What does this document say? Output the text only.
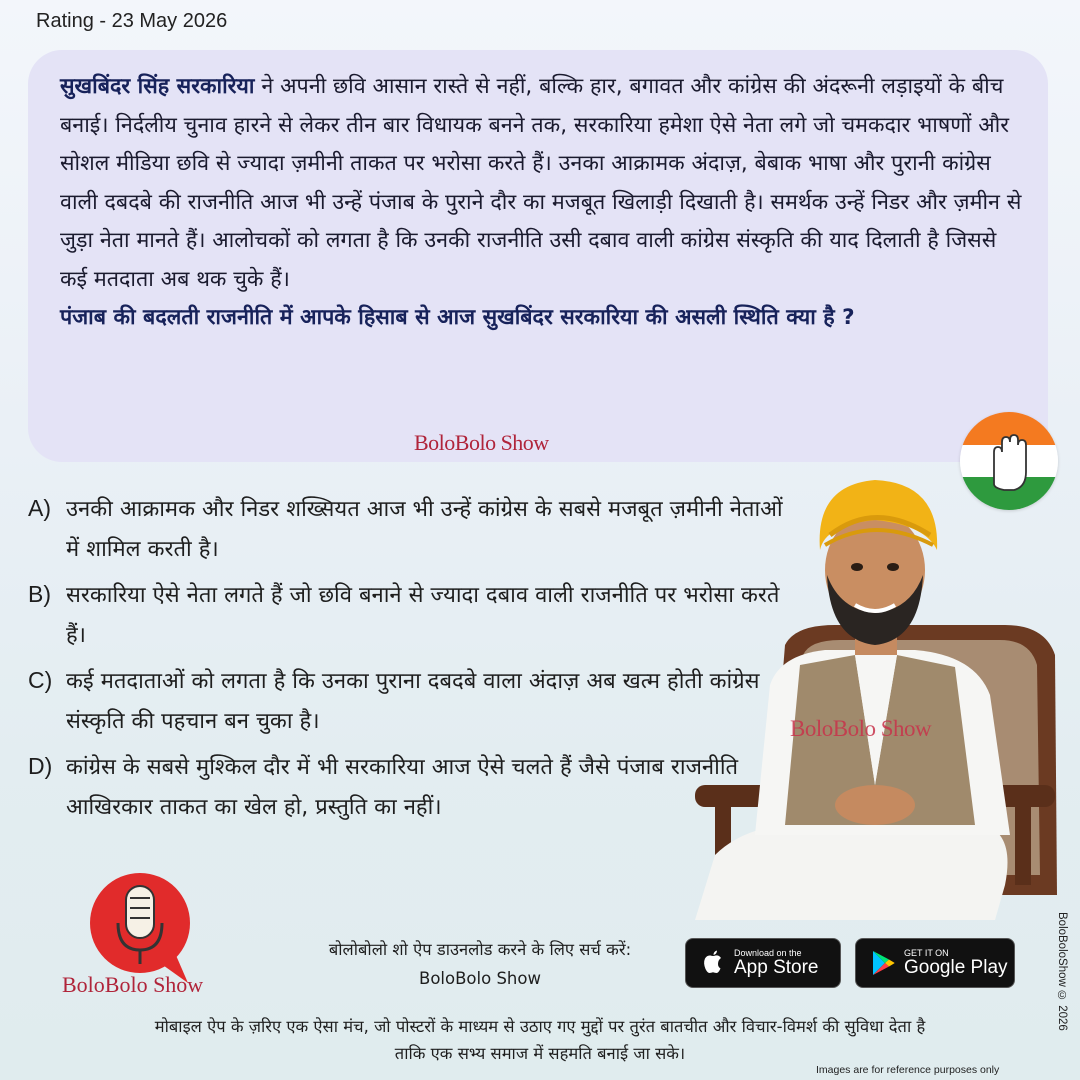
Rating - 23 May 2026
सुखबिंदर सिंह सरकारिया ने अपनी छवि आसान रास्ते से नहीं, बल्कि हार, बगावत और कांग्रेस की अंदरूनी लड़ाइयों के बीच बनाई। निर्दलीय चुनाव हारने से लेकर तीन बार विधायक बनने तक, सरकारिया हमेशा ऐसे नेता लगे जो चमकदार भाषणों और सोशल मीडिया छवि से ज्यादा ज़मीनी ताकत पर भरोसा करते हैं। उनका आक्रामक अंदाज़, बेबाक भाषा और पुरानी कांग्रेस वाली दबदबे की राजनीति आज भी उन्हें पंजाब के पुराने दौर का मजबूत खिलाड़ी दिखाती है। समर्थक उन्हें निडर और ज़मीन से जुड़ा नेता मानते हैं। आलोचकों को लगता है कि उनकी राजनीति उसी दबाव वाली कांग्रेस संस्कृति की याद दिलाती है जिससे कई मतदाता अब थक चुके हैं।
पंजाब की बदलती राजनीति में आपके हिसाब से आज सुखबिंदर सरकारिया की असली स्थिति क्या है ?
BoloBolo Show
A) उनकी आक्रामक और निडर शख्सियत आज भी उन्हें कांग्रेस के सबसे मजबूत ज़मीनी नेताओं में शामिल करती है।
B) सरकारिया ऐसे नेता लगते हैं जो छवि बनाने से ज्यादा दबाव वाली राजनीति पर भरोसा करते हैं।
C) कई मतदाताओं को लगता है कि उनका पुराना दबदबे वाला अंदाज़ अब खत्म होती कांग्रेस संस्कृति की पहचान बन चुका है।
D) कांग्रेस के सबसे मुश्किल दौर में भी सरकारिया आज ऐसे चलते हैं जैसे पंजाब राजनीति आखिरकार ताकत का खेल हो, प्रस्तुति का नहीं।
BoloBolo Show
BoloBolo Show
बोलोबोलो शो ऐप डाउनलोड करने के लिए सर्च करें:
BoloBolo Show
Download on the
App Store
GET IT ON
Google Play
मोबाइल ऐप के ज़रिए एक ऐसा मंच, जो पोस्टरों के माध्यम से उठाए गए मुद्दों पर तुरंत बातचीत और विचार-विमर्श की सुविधा देता है
ताकि एक सभ्य समाज में सहमति बनाई जा सके।
Images are for reference purposes only
BoloBoloShow © 2026
